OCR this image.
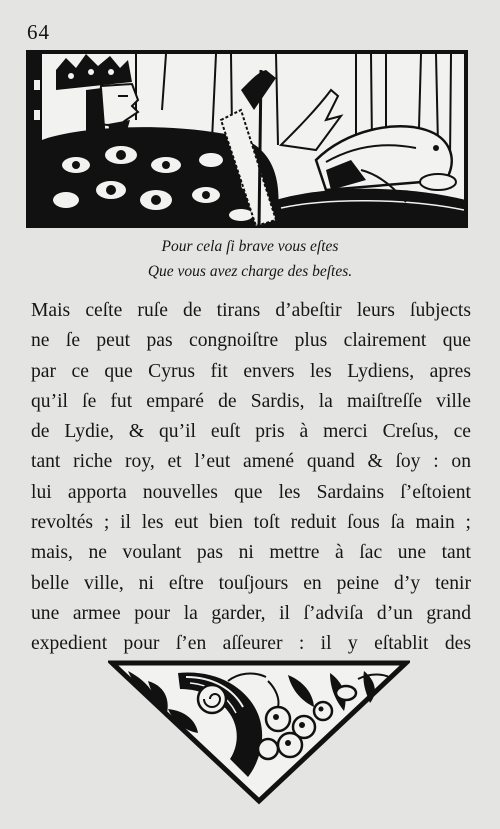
64
Pour cela ſi brave vous eſtes
Que vous avez charge des beſtes.
Mais ceſte ruſe de tirans d’abeſtir leurs ſubjects
ne ſe peut pas congnoiſtre plus clairement que
par ce que Cyrus fit envers les Lydiens, apres
qu’il ſe fut emparé de Sardis, la maiſtreſſe ville
de Lydie, & qu’il euſt pris à merci Creſus, ce
tant riche roy, et l’eut amené quand & ſoy : on
lui apporta nouvelles que les Sardains ſ’eſtoient
revoltés ; il les eut bien toſt reduit ſous ſa main ;
mais, ne voulant pas ni mettre à ſac une tant
belle ville, ni eſtre touſjours en peine d’y tenir
une armee pour la garder, il ſ’adviſa d’un grand
expedient pour ſ’en aſſeurer : il y eſtablit des
